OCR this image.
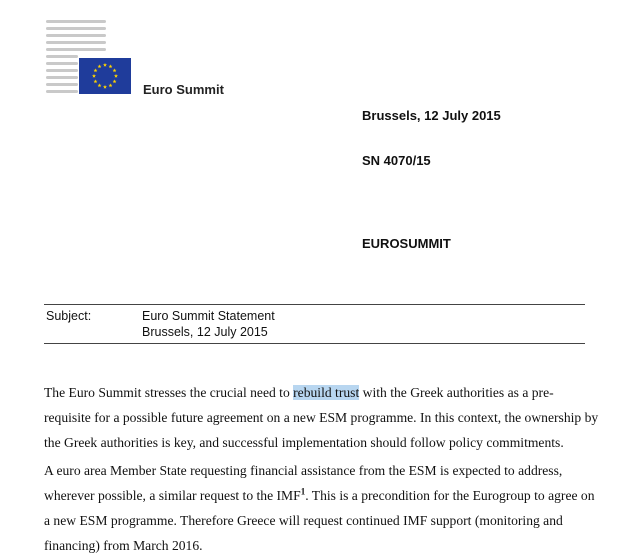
Euro Summit
Brussels, 12 July 2015
SN 4070/15
EUROSUMMIT
Subject:	Euro Summit Statement
Brussels, 12 July 2015

The Euro Summit stresses the crucial need to rebuild trust with the Greek authorities as a pre-requisite for a possible future agreement on a new ESM programme. In this context, the ownership by the Greek authorities is key, and successful implementation should follow policy commitments.

A euro area Member State requesting financial assistance from the ESM is expected to address, wherever possible, a similar request to the IMF$^1$. This is a precondition for the Eurogroup to agree on a new ESM programme. Therefore Greece will request continued IMF support (monitoring and financing) from March 2016.
